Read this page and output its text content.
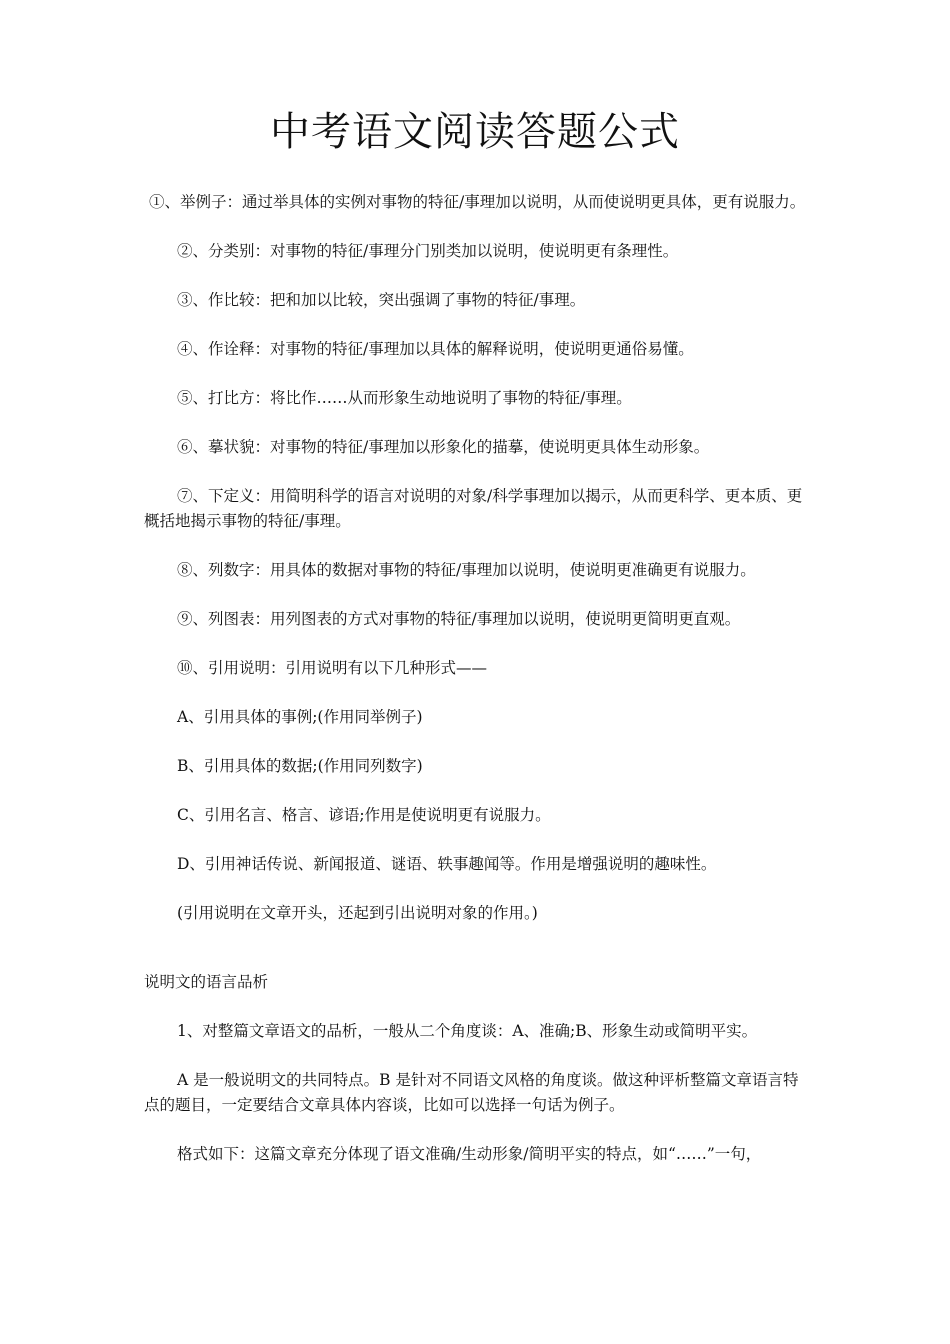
中考语文阅读答题公式

①、举例子：通过举具体的实例对事物的特征/事理加以说明，从而使说明更具体，更有说服力。

②、分类别：对事物的特征/事理分门别类加以说明，使说明更有条理性。

③、作比较：把和加以比较，突出强调了事物的特征/事理。

④、作诠释：对事物的特征/事理加以具体的解释说明，使说明更通俗易懂。

⑤、打比方：将比作……从而形象生动地说明了事物的特征/事理。

⑥、摹状貌：对事物的特征/事理加以形象化的描摹，使说明更具体生动形象。

⑦、下定义：用简明科学的语言对说明的对象/科学事理加以揭示，从而更科学、更本质、更概括地揭示事物的特征/事理。

⑧、列数字：用具体的数据对事物的特征/事理加以说明，使说明更准确更有说服力。

⑨、列图表：用列图表的方式对事物的特征/事理加以说明，使说明更简明更直观。

⑩、引用说明：引用说明有以下几种形式——

A、引用具体的事例;(作用同举例子)

B、引用具体的数据;(作用同列数字)

C、引用名言、格言、谚语;作用是使说明更有说服力。

D、引用神话传说、新闻报道、谜语、轶事趣闻等。作用是增强说明的趣味性。

(引用说明在文章开头，还起到引出说明对象的作用。)

说明文的语言品析

1、对整篇文章语文的品析，一般从二个角度谈：A、准确;B、形象生动或简明平实。

A 是一般说明文的共同特点。B 是针对不同语文风格的角度谈。做这种评析整篇文章语言特点的题目，一定要结合文章具体内容谈，比如可以选择一句话为例子。

格式如下：这篇文章充分体现了语文准确/生动形象/简明平实的特点，如“……”一句，
